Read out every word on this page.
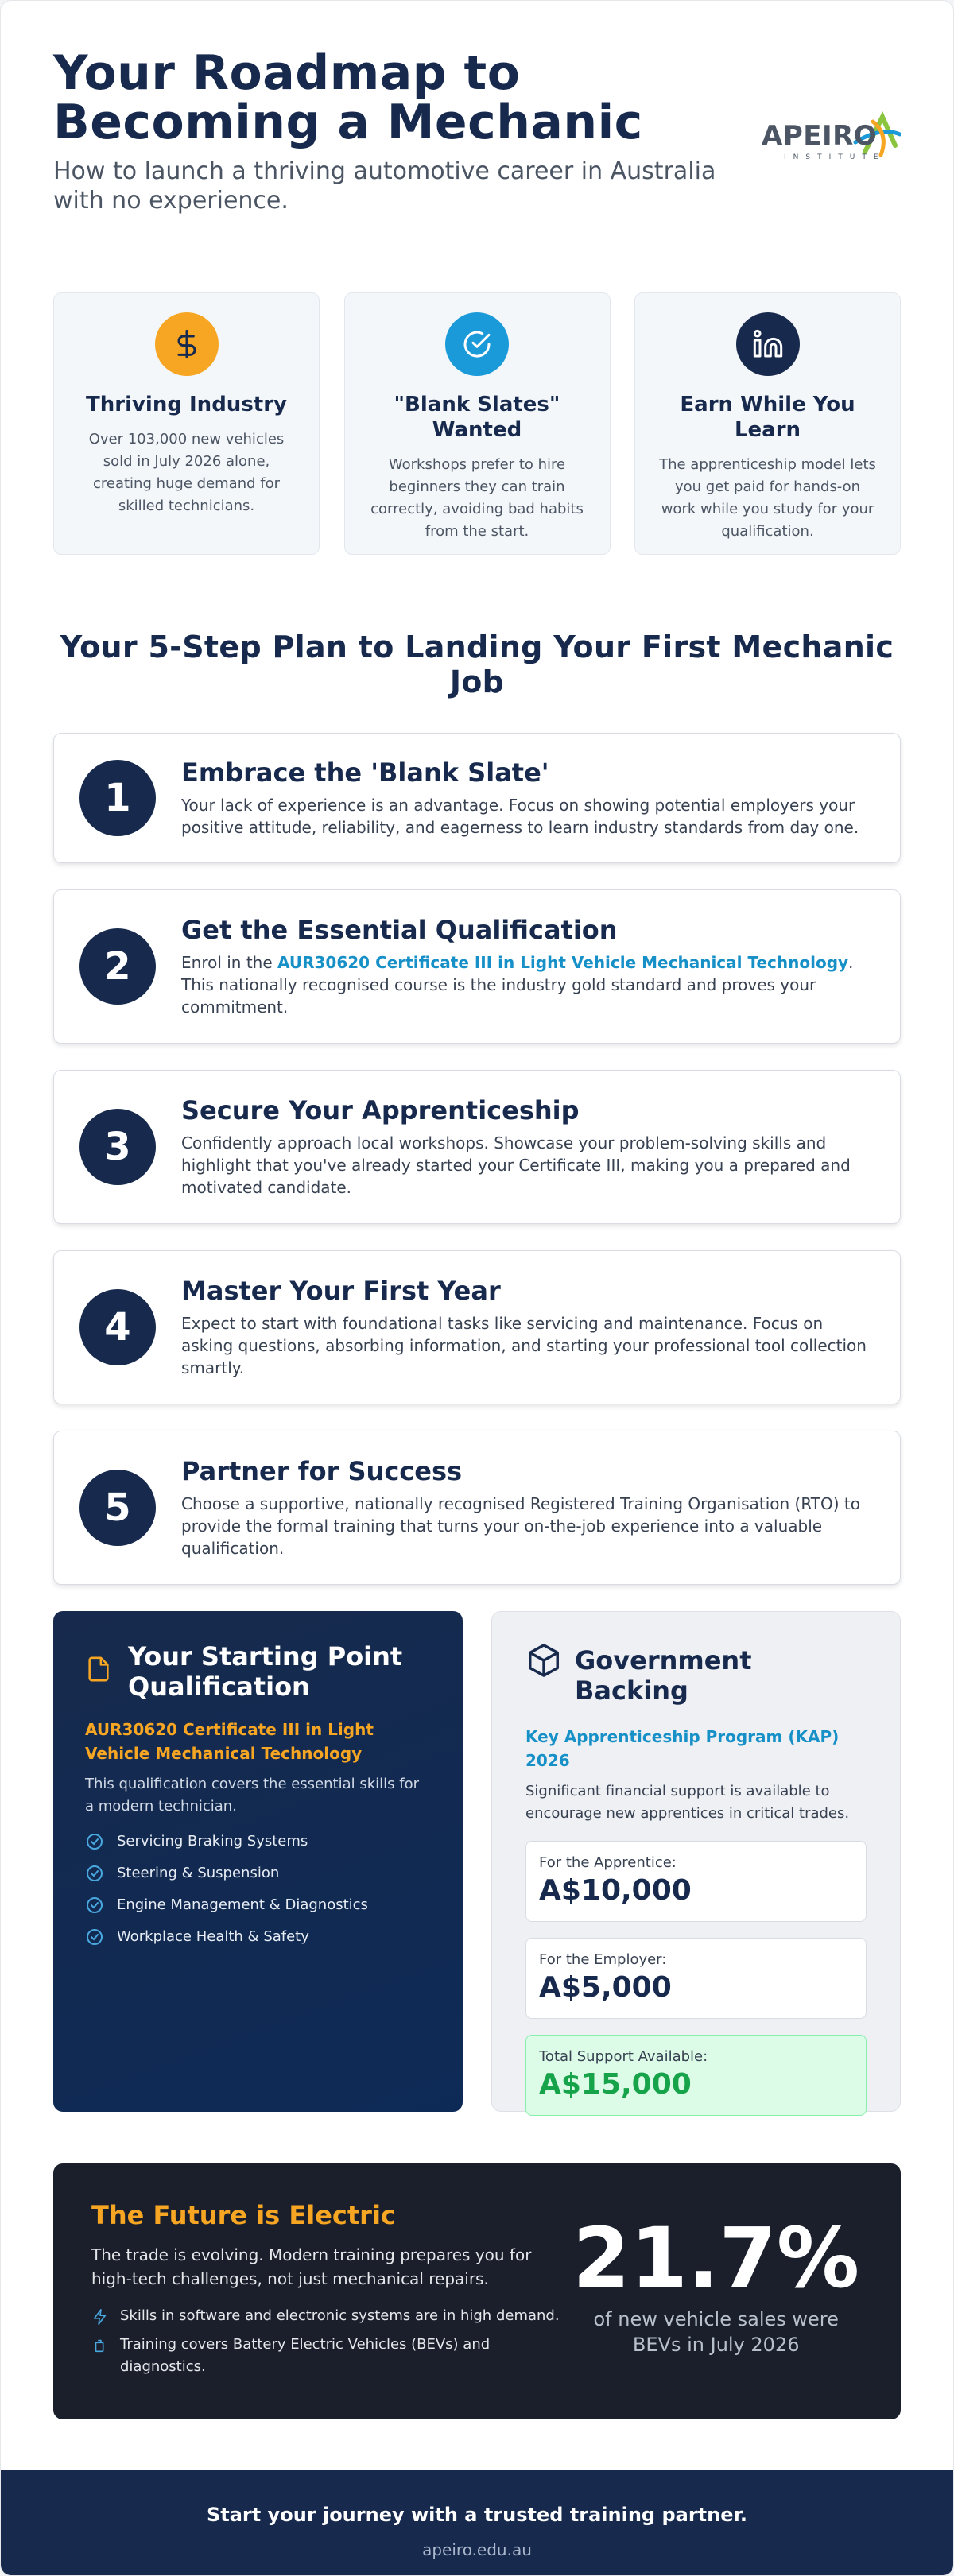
Your Roadmap to Becoming a Mechanic

How to launch a thriving automotive career in Australia with no experience.

APEIRO
INSTITUTE
Thriving Industry

Over 103,000 new vehicles sold in July 2026 alone, creating huge demand for skilled technicians.

"Blank Slates" Wanted

Workshops prefer to hire beginners they can train correctly, avoiding bad habits from the start.

Earn While You Learn

The apprenticeship model lets you get paid for hands-on work while you study for your qualification.

Your 5-Step Plan to Landing Your First Mechanic Job
1
Embrace the 'Blank Slate'

Your lack of experience is an advantage. Focus on showing potential employers your positive attitude, reliability, and eagerness to learn industry standards from day one.

2
Get the Essential Qualification

Enrol in the AUR30620 Certificate III in Light Vehicle Mechanical Technology. This nationally recognised course is the industry gold standard and proves your commitment.

3
Secure Your Apprenticeship

Confidently approach local workshops. Showcase your problem-solving skills and highlight that you've already started your Certificate III, making you a prepared and motivated candidate.

4
Master Your First Year

Expect to start with foundational tasks like servicing and maintenance. Focus on asking questions, absorbing information, and starting your professional tool collection smartly.

5
Partner for Success

Choose a supportive, nationally recognised Registered Training Organisation (RTO) to provide the formal training that turns your on-the-job experience into a valuable qualification.

Your Starting Point Qualification

AUR30620 Certificate III in Light Vehicle Mechanical Technology

This qualification covers the essential skills for a modern technician.

Servicing Braking Systems
Steering & Suspension
Engine Management & Diagnostics
Workplace Health & Safety
Government Backing

Key Apprenticeship Program (KAP) 2026

Significant financial support is available to encourage new apprentices in critical trades.

For the Apprentice:
A$10,000
For the Employer:
A$5,000
Total Support Available:
A$15,000
The Future is Electric

The trade is evolving. Modern training prepares you for high-tech challenges, not just mechanical repairs.

Skills in software and electronic systems are in high demand.
Training covers Battery Electric Vehicles (BEVs) and diagnostics.
21.7%
of new vehicle sales were BEVs in July 2026
Start your journey with a trusted training partner.
apeiro.edu.au
